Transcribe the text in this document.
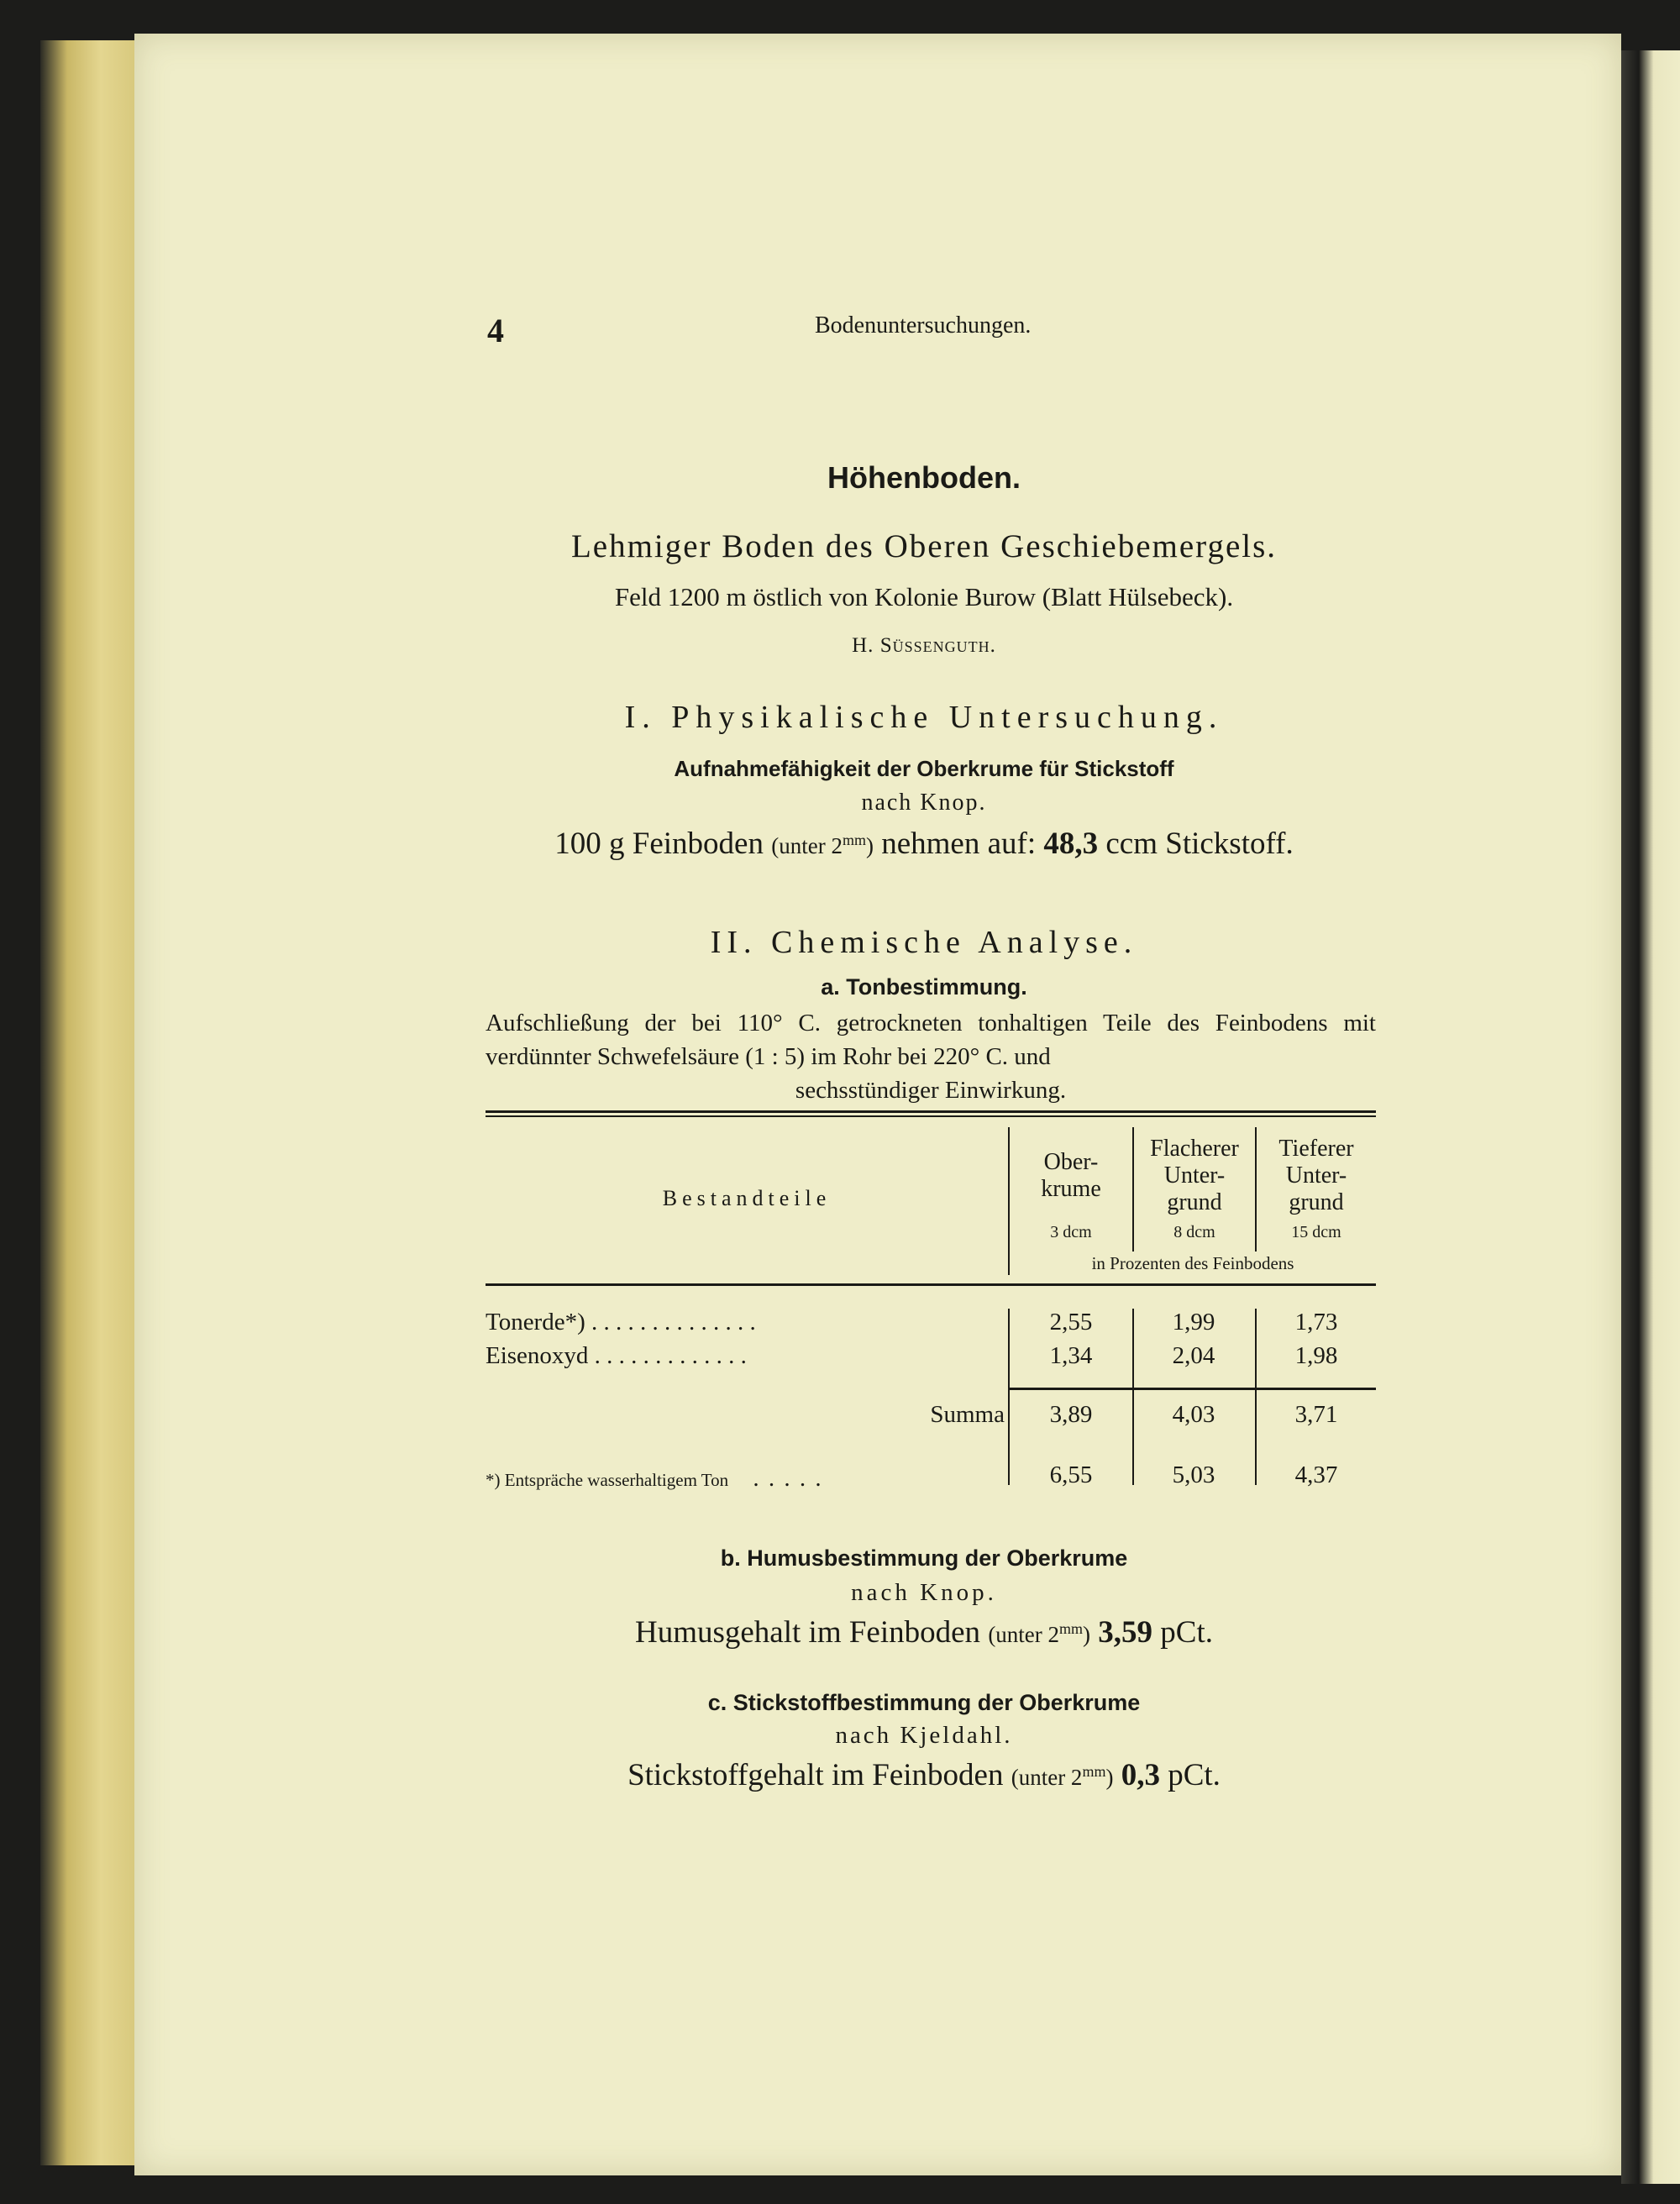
4	Bodenuntersuchungen.
Höhenboden.
Lehmiger Boden des Oberen Geschiebemergels.
Feld 1200 m östlich von Kolonie Burow (Blatt Hülsebeck).
H. Süssenguth.
I. Physikalische Untersuchung.
Aufnahmefähigkeit der Oberkrume für Stickstoff
nach Knop.
100 g Feinboden (unter $2^{mm}$) nehmen auf: 48,3 ccm Stickstoff.
II. Chemische Analyse.
a. Tonbestimmung.
Aufschließung der bei 110° C. getrockneten tonhaltigen Teile des Feinbodens mit verdünnter Schwefelsäure (1 : 5) im Rohr bei 220° C. und
sechsstündiger Einwirkung.
Bestandteile
Ober-
krume
Flacherer
Unter-
grund
Tieferer
Unter-
grund
3 dcm	8 dcm	15 dcm
in Prozenten des Feinbodens
Tonerde*) . . . . . . . . . . . . . .	2,55	1,99	1,73
Eisenoxyd . . . . . . . . . . . . .	1,34	2,04	1,98
Summa	3,89	4,03	3,71
*) Entspräche wasserhaltigem Ton . . . . .	6,55	5,03	4,37
b. Humusbestimmung der Oberkrume
nach Knop.
Humusgehalt im Feinboden (unter $2^{mm}$) 3,59 pCt.
c. Stickstoffbestimmung der Oberkrume
nach Kjeldahl.
Stickstoffgehalt im Feinboden (unter $2^{mm}$) 0,3 pCt.
